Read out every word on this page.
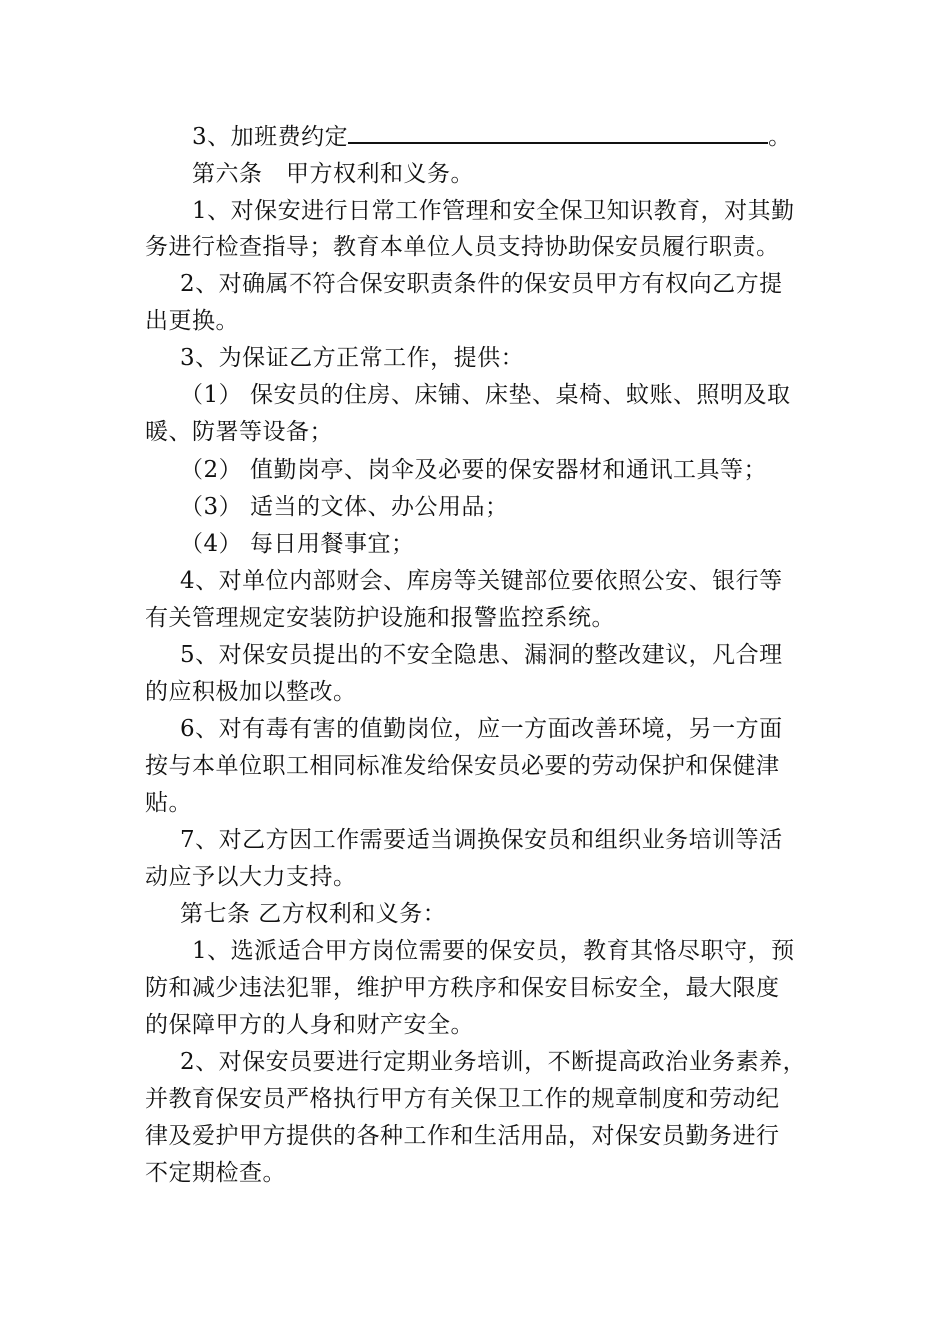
3、加班费约定	。
第六条　甲方权利和义务。
1、对保安进行日常工作管理和安全保卫知识教育，对其勤
务进行检查指导；教育本单位人员支持协助保安员履行职责。
2、对确属不符合保安职责条件的保安员甲方有权向乙方提
出更换。
3、为保证乙方正常工作，提供：
（1） 保安员的住房、床铺、床垫、桌椅、蚊账、照明及取
暖、防署等设备；
（2） 值勤岗亭、岗伞及必要的保安器材和通讯工具等；
（3） 适当的文体、办公用品；
（4） 每日用餐事宜；
4、对单位内部财会、库房等关键部位要依照公安、银行等
有关管理规定安装防护设施和报警监控系统。
5、对保安员提出的不安全隐患、漏洞的整改建议，凡合理
的应积极加以整改。
6、对有毒有害的值勤岗位，应一方面改善环境，另一方面
按与本单位职工相同标准发给保安员必要的劳动保护和保健津
贴。
7、对乙方因工作需要适当调换保安员和组织业务培训等活
动应予以大力支持。
第七条 乙方权利和义务：
1、选派适合甲方岗位需要的保安员，教育其恪尽职守，预
防和减少违法犯罪，维护甲方秩序和保安目标安全，最大限度
的保障甲方的人身和财产安全。
2、对保安员要进行定期业务培训，不断提高政治业务素养，
并教育保安员严格执行甲方有关保卫工作的规章制度和劳动纪
律及爱护甲方提供的各种工作和生活用品，对保安员勤务进行
不定期检查。
